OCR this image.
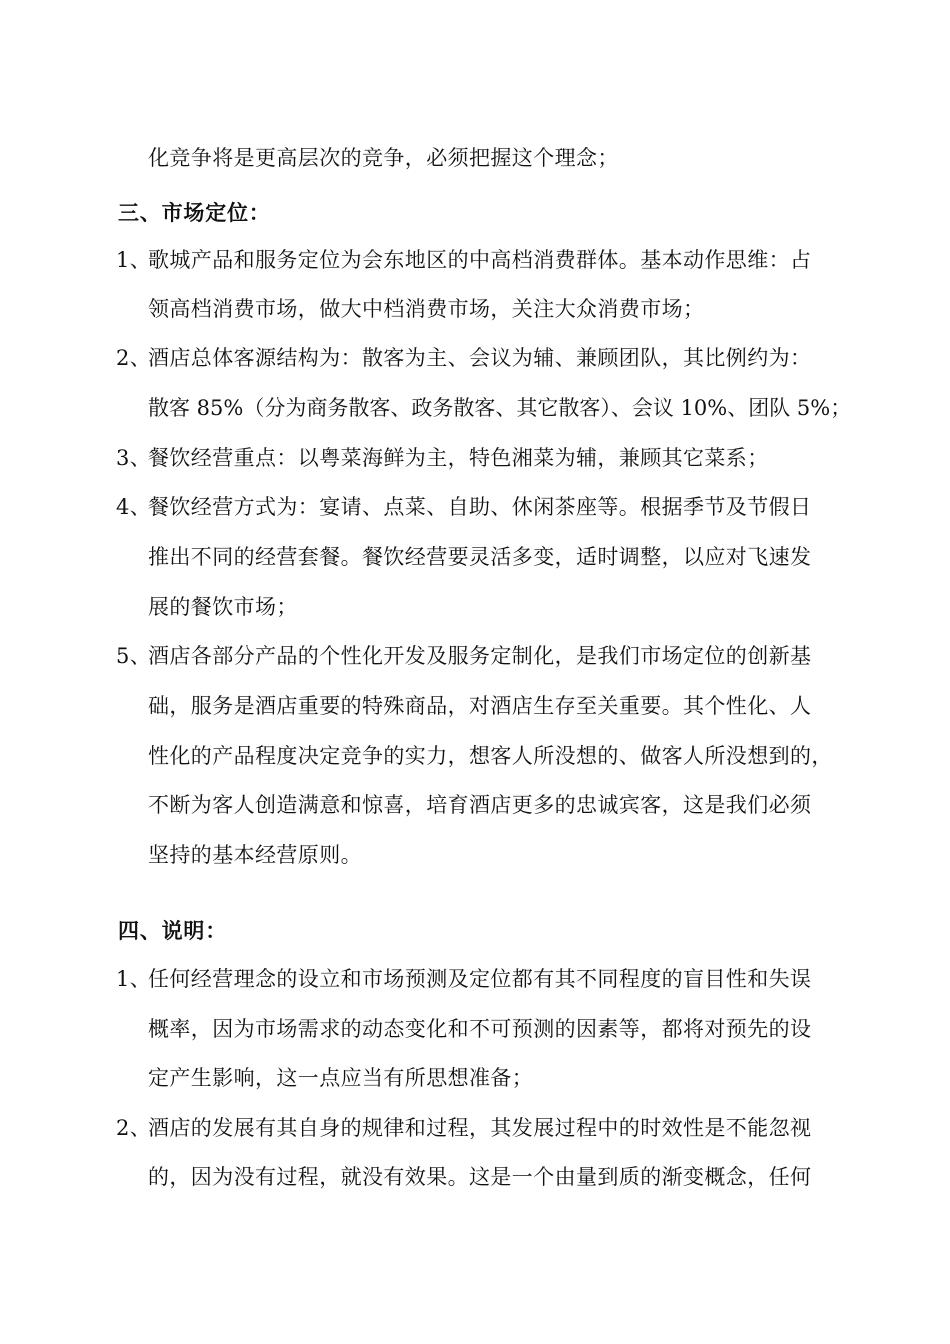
化竞争将是更高层次的竞争，必须把握这个理念；
三、市场定位：
1、歌城产品和服务定位为会东地区的中高档消费群体。基本动作思维：占
领高档消费市场，做大中档消费市场，关注大众消费市场；
2、酒店总体客源结构为：散客为主、会议为辅、兼顾团队，其比例约为：
散客 85%（分为商务散客、政务散客、其它散客）、会议 10%、团队 5%；
3、餐饮经营重点：以粤菜海鲜为主，特色湘菜为辅，兼顾其它菜系；
4、餐饮经营方式为：宴请、点菜、自助、休闲茶座等。根据季节及节假日
推出不同的经营套餐。餐饮经营要灵活多变，适时调整，以应对飞速发
展的餐饮市场；
5、酒店各部分产品的个性化开发及服务定制化，是我们市场定位的创新基
础，服务是酒店重要的特殊商品，对酒店生存至关重要。其个性化、人
性化的产品程度决定竞争的实力，想客人所没想的、做客人所没想到的，
不断为客人创造满意和惊喜，培育酒店更多的忠诚宾客，这是我们必须
坚持的基本经营原则。
四、说明：
1、任何经营理念的设立和市场预测及定位都有其不同程度的盲目性和失误
概率，因为市场需求的动态变化和不可预测的因素等，都将对预先的设
定产生影响，这一点应当有所思想准备；
2、酒店的发展有其自身的规律和过程，其发展过程中的时效性是不能忽视
的，因为没有过程，就没有效果。这是一个由量到质的渐变概念，任何
